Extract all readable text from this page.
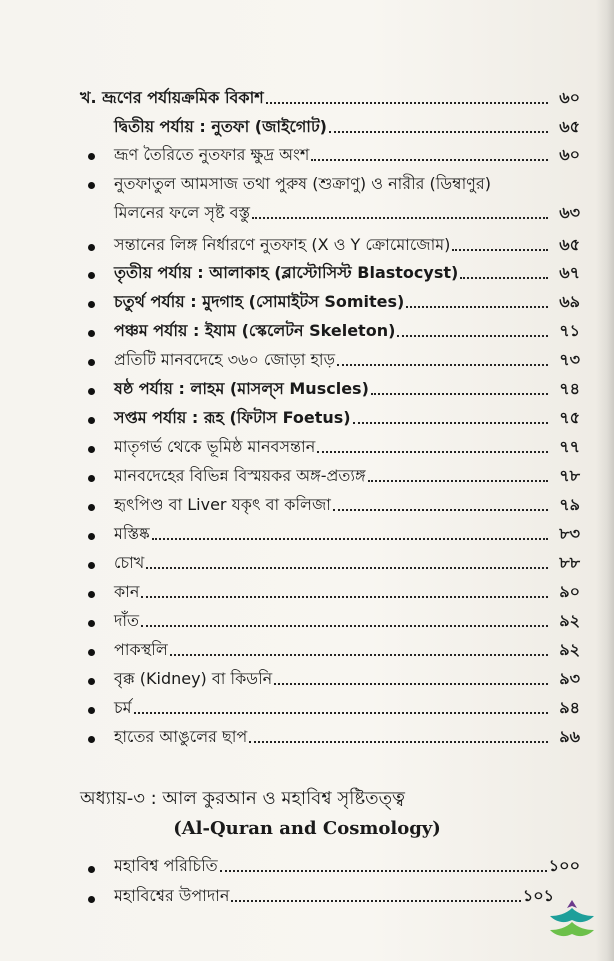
খ. ভ্রূণের পর্যায়ক্রমিক বিকাশ	৬০
দ্বিতীয় পর্যায় : নুতফা (জাইগোট)	৬৫
ভ্রূণ তৈরিতে নুতফার ক্ষুদ্র অংশ	৬০
নুতফাতুল আমসাজ তথা পুরুষ (শুক্রাণু) ও নারীর (ডিম্বাণুর)
মিলনের ফলে সৃষ্ট বস্তু	৬৩
সন্তানের লিঙ্গ নির্ধারণে নুতফাহ (X ও Y ক্রোমোজোম)	৬৫
তৃতীয় পর্যায় : আলাকাহ (ব্লাস্টোসিস্ট Blastocyst)	৬৭
চতুর্থ পর্যায় : মুদগাহ (সোমাইটস Somites)	৬৯
পঞ্চম পর্যায় : ইযাম (স্কেলেটন Skeleton)	৭১
প্রতিটি মানবদেহে ৩৬০ জোড়া হাড়	৭৩
ষষ্ঠ পর্যায় : লাহম (মাসল্স Muscles)	৭৪
সপ্তম পর্যায় : রূহ (ফিটাস Foetus)	৭৫
মাতৃগর্ভ থেকে ভূমিষ্ঠ মানবসন্তান	৭৭
মানবদেহের বিভিন্ন বিস্ময়কর অঙ্গ-প্রত্যঙ্গ	৭৮
হৃৎপিণ্ড বা Liver যকৃৎ বা কলিজা	৭৯
মস্তিষ্ক	৮৩
চোখ	৮৮
কান	৯০
দাঁত	৯২
পাকস্থলি	৯২
বৃক্ক (Kidney) বা কিডনি	৯৩
চর্ম	৯৪
হাতের আঙুলের ছাপ	৯৬
অধ্যায়-৩ : আল কুরআন ও মহাবিশ্ব সৃষ্টিতত্ত্ব
(Al-Quran and Cosmology)
মহাবিশ্ব পরিচিতি	১০০
মহাবিশ্বের উপাদান	১০১
